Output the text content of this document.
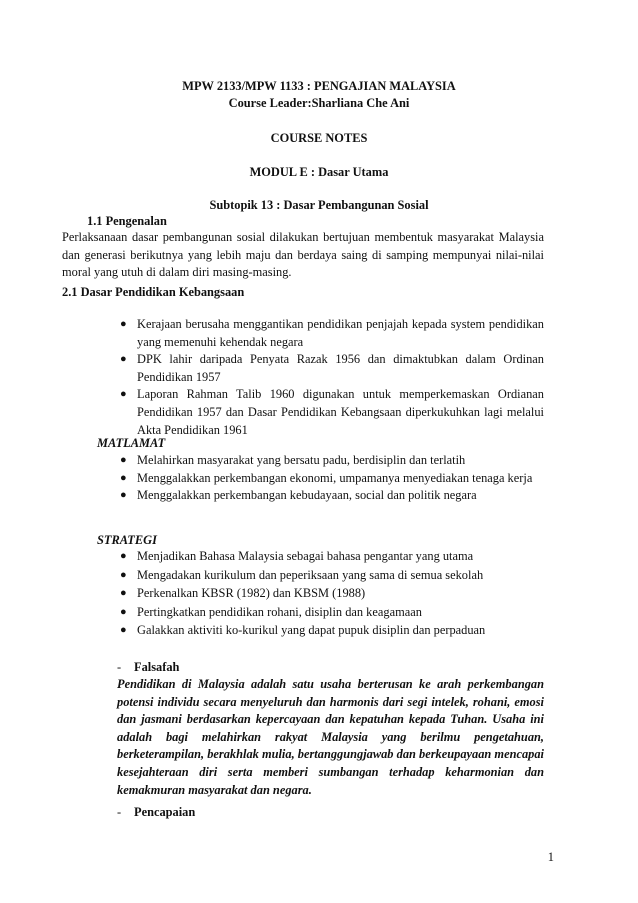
MPW 2133/MPW 1133 : PENGAJIAN MALAYSIA
Course Leader:Sharliana Che Ani
COURSE NOTES
MODUL E : Dasar Utama
Subtopik 13 : Dasar Pembangunan Sosial
1.1 Pengenalan
Perlaksanaan dasar pembangunan sosial dilakukan bertujuan membentuk masyarakat Malaysia dan generasi berikutnya yang lebih maju dan berdaya saing di samping mempunyai nilai-nilai moral yang utuh di dalam diri masing-masing.
2.1 Dasar Pendidikan Kebangsaan
● Kerajaan berusaha menggantikan pendidikan penjajah kepada system pendidikan yang memenuhi kehendak negara
● DPK lahir daripada Penyata Razak 1956 dan dimaktubkan dalam Ordinan Pendidikan 1957
● Laporan Rahman Talib 1960 digunakan untuk memperkemaskan Ordianan Pendidikan 1957 dan Dasar Pendidikan Kebangsaan diperkukuhkan lagi melalui Akta Pendidikan 1961
MATLAMAT
● Melahirkan masyarakat yang bersatu padu, berdisiplin dan terlatih
● Menggalakkan perkembangan ekonomi, umpamanya menyediakan tenaga kerja
● Menggalakkan perkembangan kebudayaan, social dan politik negara
STRATEGI
● Menjadikan Bahasa Malaysia sebagai bahasa pengantar yang utama
● Mengadakan kurikulum dan peperiksaan yang sama di semua sekolah
● Perkenalkan KBSR (1982) dan KBSM (1988)
● Pertingkatkan pendidikan rohani, disiplin dan keagamaan
● Galakkan aktiviti ko-kurikul yang dapat pupuk disiplin dan perpaduan
- Falsafah
Pendidikan di Malaysia adalah satu usaha berterusan ke arah perkembangan potensi individu secara menyeluruh dan harmonis dari segi intelek, rohani, emosi dan jasmani berdasarkan kepercayaan dan kepatuhan kepada Tuhan. Usaha ini adalah bagi melahirkan rakyat Malaysia yang berilmu pengetahuan, berketerampilan, berakhlak mulia, bertanggungjawab dan berkeupayaan mencapai kesejahteraan diri serta memberi sumbangan terhadap keharmonian dan kemakmuran masyarakat dan negara.
- Pencapaian
1
